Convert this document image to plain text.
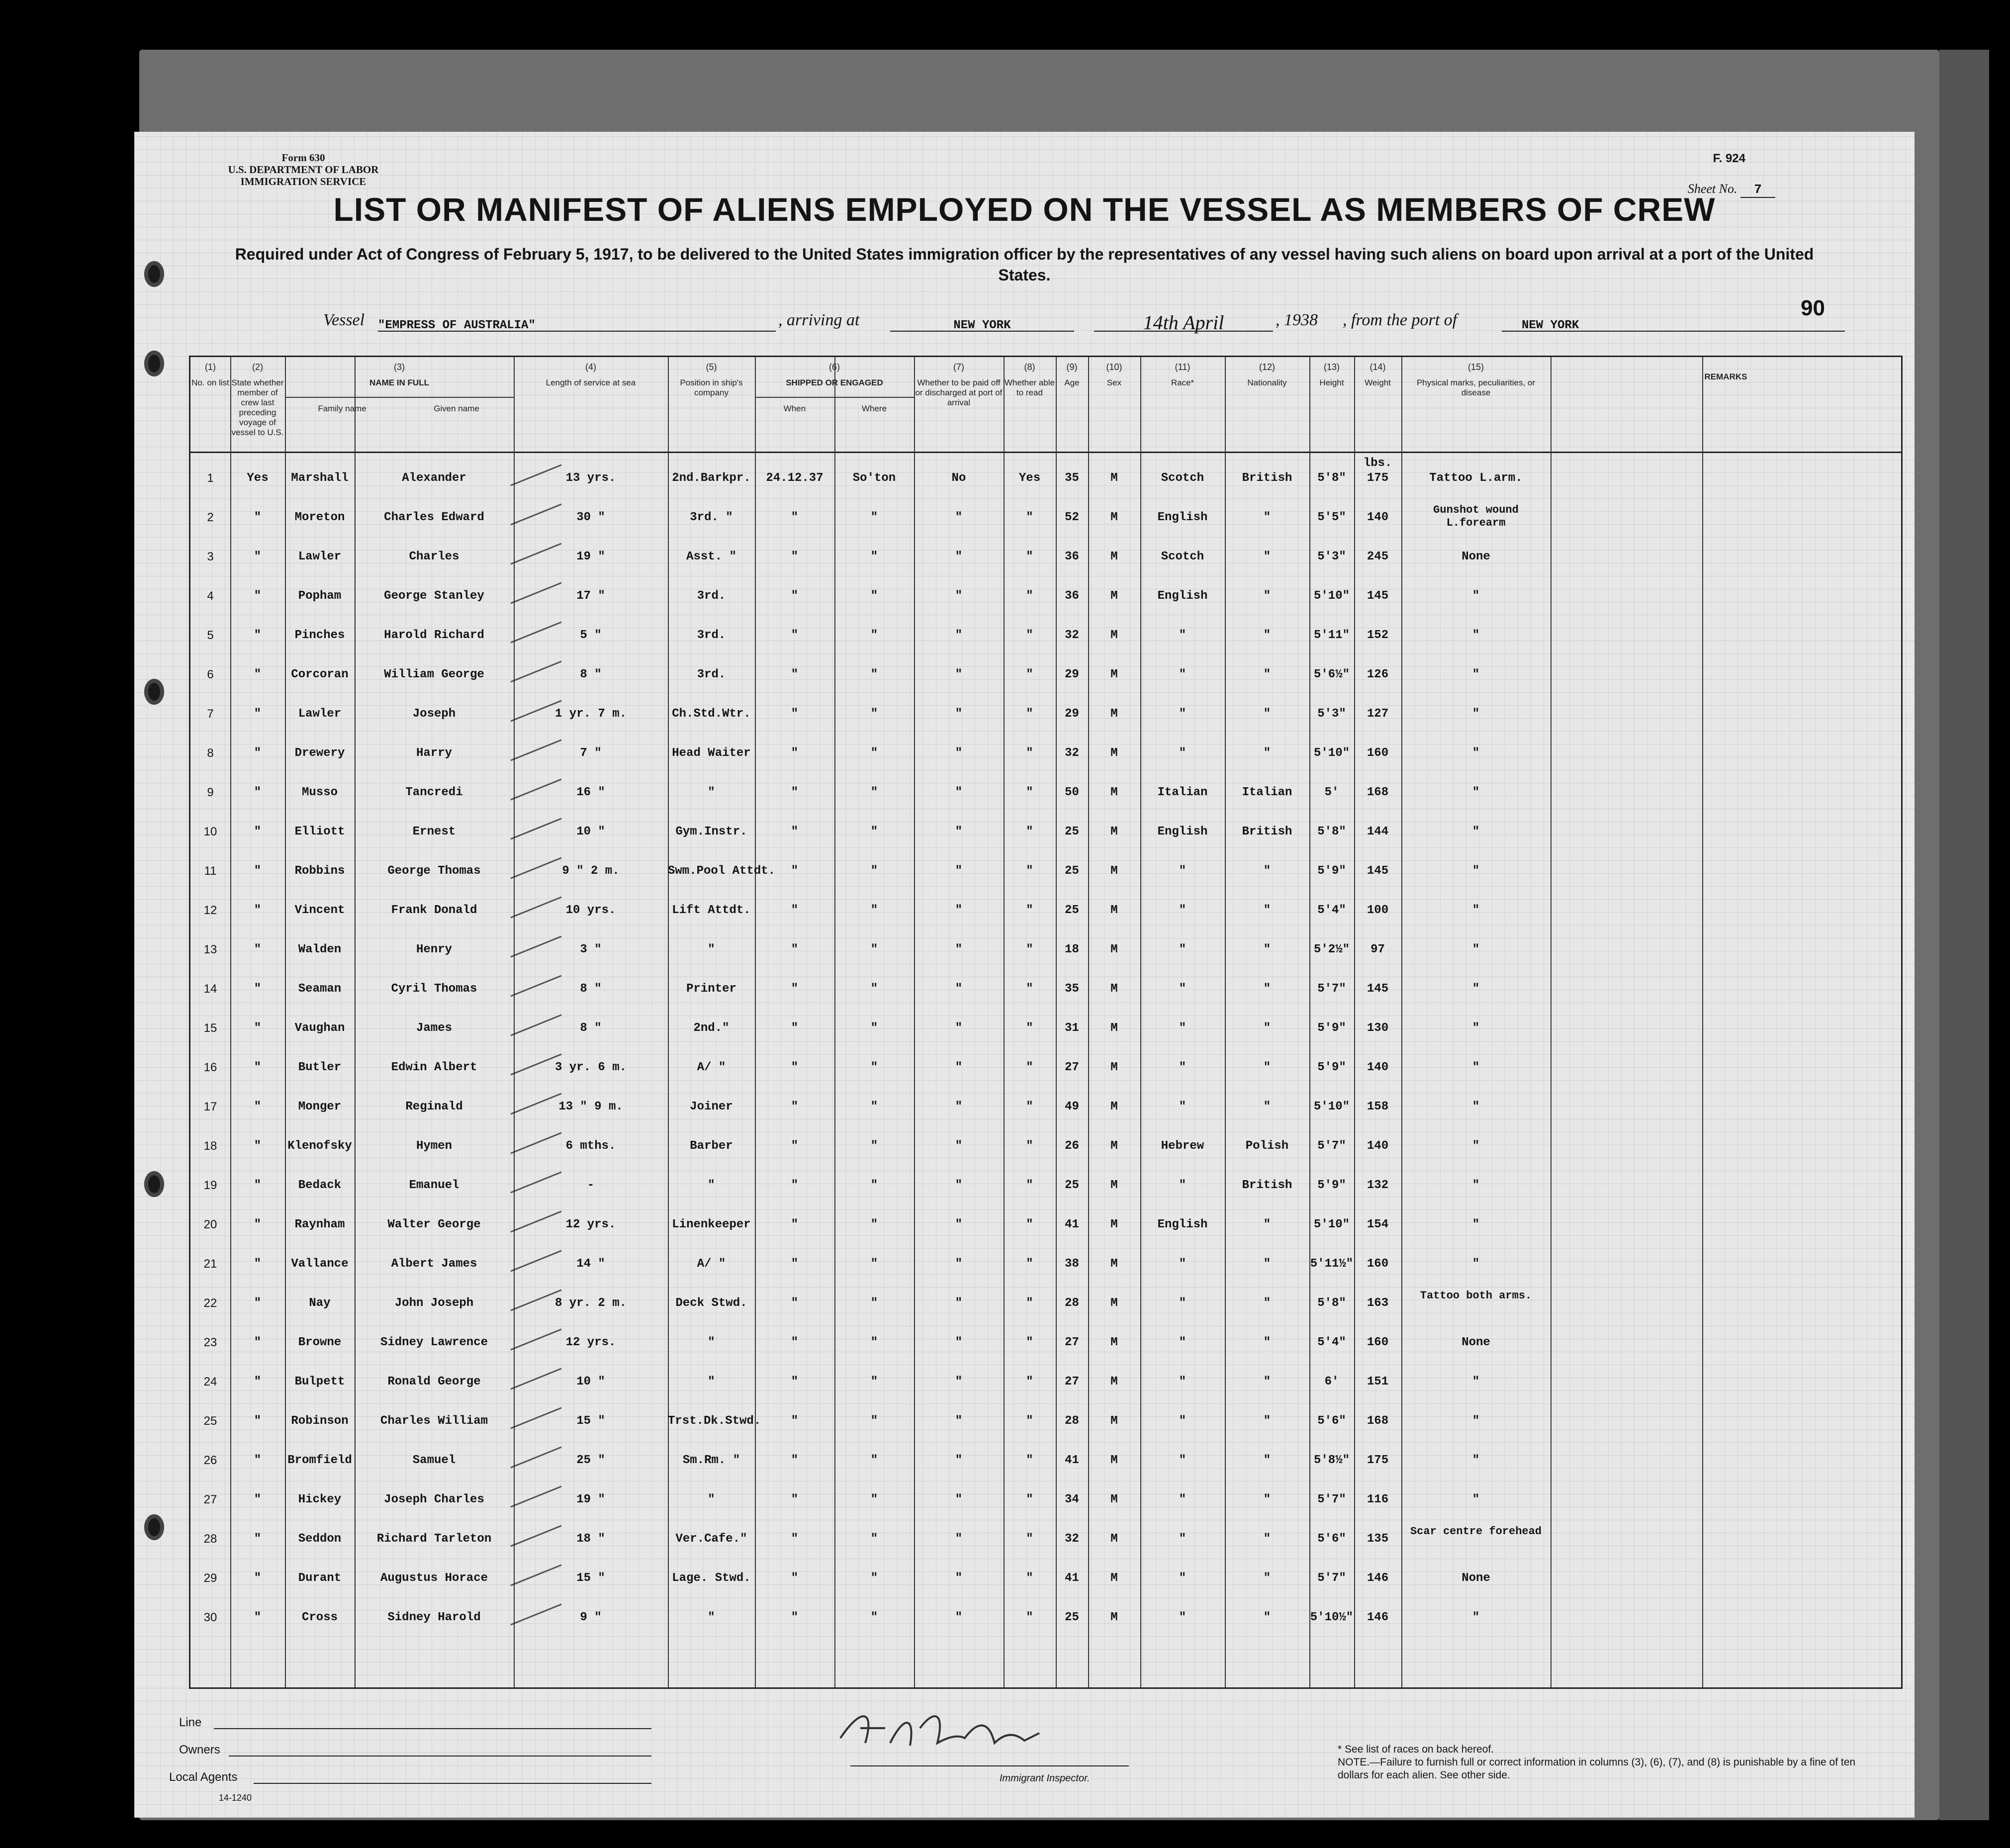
Form 630
U.S. DEPARTMENT OF LABOR
IMMIGRATION SERVICE
F. 924
Sheet No. 7
LIST OR MANIFEST OF ALIENS EMPLOYED ON THE VESSEL AS MEMBERS OF CREW
Required under Act of Congress of February 5, 1917, to be delivered to the United States immigration officer by the representatives of any vessel having such aliens on board upon arrival at a port of the United States.
90
Vessel "EMPRESS OF AUSTRALIA"	, arriving at	NEW YORK	14th April	, 1938 , from the port of	NEW YORK
(1)
No. on list
(2)
State whether member of crew last preceding voyage of vessel to U.S.
(3)
NAME IN FULL
Family name	Given name
(4)
Length of service at sea
(5)
Position in ship's company
(6)
SHIPPED OR ENGAGED
When	Where
(7)
Whether to be paid off or discharged at port of arrival
(8)
Whether able to read
(9)
Age
(10)
Sex
(11)
Race*
(12)
Nationality
(13)
Height
(14)
Weight
(15)
Physical marks, peculiarities, or disease
REMARKS
lbs.
1	Yes	Marshall	Alexander	13 yrs.	2nd.Barkpr.	24.12.37	So'ton	No	Yes	35	M	Scotch	British	5'8"	175	Tattoo L.arm.
2	"	Moreton	Charles Edward	30 "	3rd. "	"	"	"	"	52	M	English	"	5'5"	140
Gunshot wound L.forearm
3	"	Lawler	Charles	19 "	Asst. "	"	"	"	"	36	M	Scotch	"	5'3"	245	None
4	"	Popham	George Stanley	17 "	3rd.	"	"	"	"	36	M	English	"	5'10"	145	"
5	"	Pinches	Harold Richard	5 "	3rd.	"	"	"	"	32	M	"	"	5'11"	152	"
6	"	Corcoran	William George	8 "	3rd.	"	"	"	"	29	M	"	"	5'6½"	126	"
7	"	Lawler	Joseph	1 yr. 7 m.	Ch.Std.Wtr.	"	"	"	"	29	M	"	"	5'3"	127	"
8	"	Drewery	Harry	7 "	Head Waiter	"	"	"	"	32	M	"	"	5'10"	160	"
9	"	Musso	Tancredi	16 "	"	"	"	"	"	50	M	Italian	Italian	5'	168	"
10	"	Elliott	Ernest	10 "	Gym.Instr.	"	"	"	"	25	M	English	British	5'8"	144	"
11	"	Robbins	George Thomas	9 " 2 m.	Swm.Pool Attdt.	"	"	"	"	25	M	"	"	5'9"	145	"
12	"	Vincent	Frank Donald	10 yrs.	Lift Attdt.	"	"	"	"	25	M	"	"	5'4"	100	"
13	"	Walden	Henry	3 "	"	"	"	"	"	18	M	"	"	5'2½"	97	"
14	"	Seaman	Cyril Thomas	8 "	Printer	"	"	"	"	35	M	"	"	5'7"	145	"
15	"	Vaughan	James	8 "	2nd."	"	"	"	"	31	M	"	"	5'9"	130	"
16	"	Butler	Edwin Albert	3 yr. 6 m.	A/ "	"	"	"	"	27	M	"	"	5'9"	140	"
17	"	Monger	Reginald	13 " 9 m.	Joiner	"	"	"	"	49	M	"	"	5'10"	158	"
18	"	Klenofsky	Hymen	6 mths.	Barber	"	"	"	"	26	M	Hebrew	Polish	5'7"	140	"
19	"	Bedack	Emanuel	-	"	"	"	"	"	25	M	"	British	5'9"	132	"
20	"	Raynham	Walter George	12 yrs.	Linenkeeper	"	"	"	"	41	M	English	"	5'10"	154	"
21	"	Vallance	Albert James	14 "	A/ "	"	"	"	"	38	M	"	"	5'11½"	160	"
22	"	Nay	John Joseph	8 yr. 2 m.	Deck Stwd.	"	"	"	"	28	M	"	"	5'8"	163
Tattoo both arms.
23	"	Browne	Sidney Lawrence	12 yrs.	"	"	"	"	"	27	M	"	"	5'4"	160	None
24	"	Bulpett	Ronald George	10 "	"	"	"	"	"	27	M	"	"	6'	151	"
25	"	Robinson	Charles William	15 "	Trst.Dk.Stwd.	"	"	"	"	28	M	"	"	5'6"	168	"
26	"	Bromfield	Samuel	25 "	Sm.Rm. "	"	"	"	"	41	M	"	"	5'8½"	175	"
27	"	Hickey	Joseph Charles	19 "	"	"	"	"	"	34	M	"	"	5'7"	116	"
28	"	Seddon	Richard Tarleton	18 "	Ver.Cafe."	"	"	"	"	32	M	"	"	5'6"	135
Scar centre forehead
29	"	Durant	Augustus Horace	15 "	Lage. Stwd.	"	"	"	"	41	M	"	"	5'7"	146	None
30	"	Cross	Sidney Harold	9 "	"	"	"	"	"	25	M	"	"	5'10½"	146	"
Line
Owners
Local Agents
14-1240
Immigrant Inspector.
* See list of races on back hereof.
NOTE.—Failure to furnish full or correct information in columns (3), (6), (7), and (8) is punishable by a fine of ten dollars for each alien. See other side.
